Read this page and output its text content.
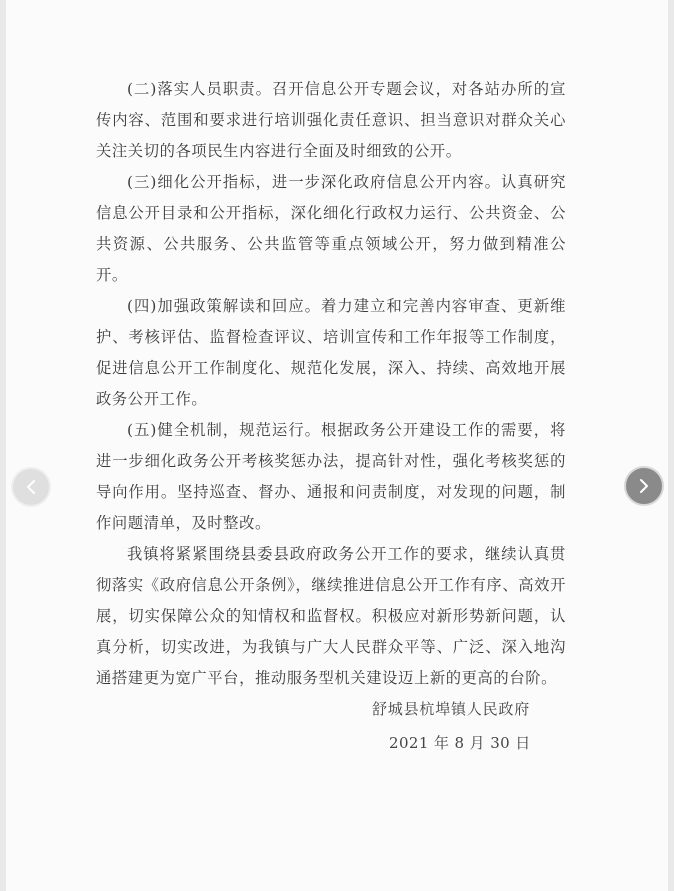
(二)落实人员职责。召开信息公开专题会议，对各站办所的宣传内容、范围和要求进行培训强化责任意识、担当意识对群众关心关注关切的各项民生内容进行全面及时细致的公开。

(三)细化公开指标，进一步深化政府信息公开内容。认真研究信息公开目录和公开指标，深化细化行政权力运行、公共资金、公共资源、公共服务、公共监管等重点领域公开，努力做到精准公开。

(四)加强政策解读和回应。着力建立和完善内容审查、更新维护、考核评估、监督检查评议、培训宣传和工作年报等工作制度，促进信息公开工作制度化、规范化发展，深入、持续、高效地开展政务公开工作。

(五)健全机制，规范运行。根据政务公开建设工作的需要，将进一步细化政务公开考核奖惩办法，提高针对性，强化考核奖惩的导向作用。坚持巡查、督办、通报和问责制度，对发现的问题，制作问题清单，及时整改。

我镇将紧紧围绕县委县政府政务公开工作的要求，继续认真贯彻落实《政府信息公开条例》，继续推进信息公开工作有序、高效开展，切实保障公众的知情权和监督权。积极应对新形势新问题，认真分析，切实改进，为我镇与广大人民群众平等、广泛、深入地沟通搭建更为宽广平台，推动服务型机关建设迈上新的更高的台阶。

舒城县杭埠镇人民政府
2021 年 8 月 30 日
